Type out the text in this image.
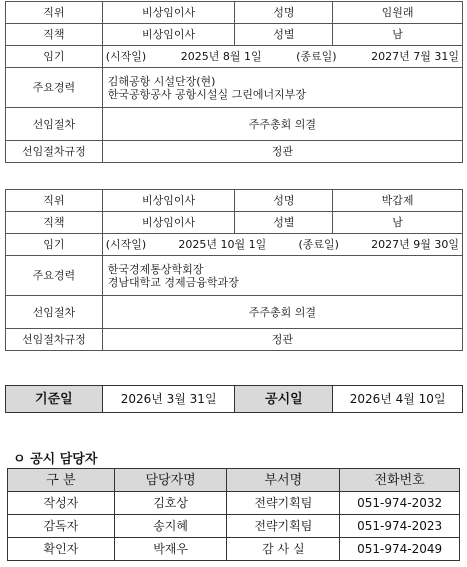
직위	비상임이사	성명	임원래
직책	비상임이사	성별	남
임기	(시작일) 2025년 8월 1일 (종료일) 2027년 7월 31일		

주요경력	김해공항 시설단장(현)
한국공항공사 공항시설실 그린에너지부장		

선임절차	주주총회 의결		
선임절차규정	정관		
직위	비상임이사	성명	박갑제
직책	비상임이사	성별	남
임기	(시작일) 2025년 10월 1일 (종료일) 2027년 9월 30일		

주요경력	한국경제통상학회장
경남대학교 경제금융학과장		

선임절차	주주총회 의결		
선임절차규정	정관		
기준일	2026년 3월 31일	공시일	2026년 4월 10일
ㅇ 공시 담당자
구 분	담당자명	부서명	전화번호
작성자	김호상	전략기획팀	051-974-2032
감독자	송지혜	전략기획팀	051-974-2023
확인자	박재우	감 사 실	051-974-2049
